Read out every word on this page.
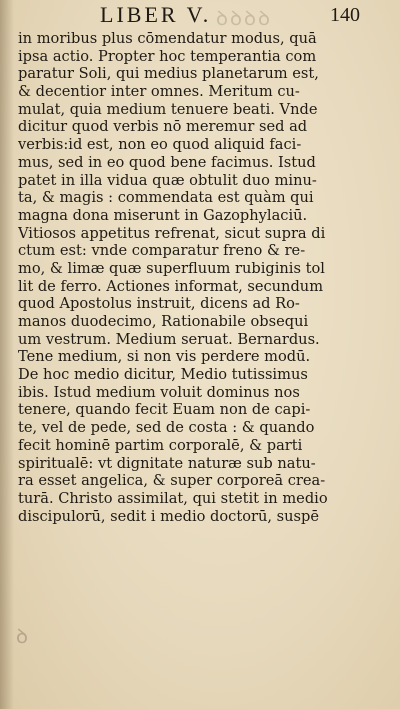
LIBER V. ꝺꝺꝺꝺ	140
in moribus plus cōmendatur modus, quā
ipsa actio. Propter hoc temperantia com
paratur Soli, qui medius planetarum est,
& decentior inter omnes. Meritum cu-
mulat, quia medium tenuere beati. Vnde
dicitur quod verbis nō meremur sed ad
verbis:id est, non eo quod aliquid faci-
mus, sed in eo quod bene facimus. Istud
patet in illa vidua quæ obtulit duo minu-
ta, & magis : commendata est quàm qui
magna dona miserunt in Gazophylaciū.
Vitiosos appetitus refrenat, sicut supra di
ctum est: vnde comparatur freno & re-
mo, & limæ quæ superfluum rubiginis tol
lit de ferro. Actiones informat, secundum
quod Apostolus instruit, dicens ad Ro-
manos duodecimo, Rationabile obsequi
um vestrum. Medium seruat. Bernardus.
Tene medium, si non vis perdere modū.
De hoc medio dicitur, Medio tutissimus
ibis. Istud medium voluit dominus nos
tenere, quando fecit Euam non de capi-
te, vel de pede, sed de costa : & quando
fecit hominē partim corporalē, & parti
spiritualē: vt dignitate naturæ sub natu-
ra esset angelica, & super corporeā crea-
turā. Christo assimilat, qui stetit in medio
discipulorū, sedit i medio doctorū, suspē
ꝺ
